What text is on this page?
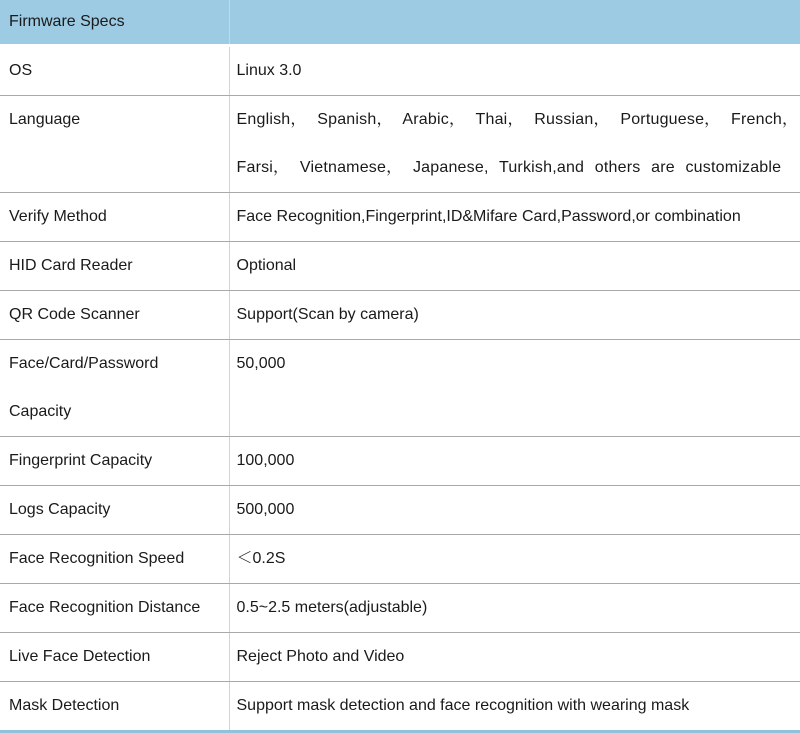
Firmware Specs	

OS	Linux 3.0

Language	English， Spanish， Arabic， Thai， Russian， Portuguese， French，
Farsi， Vietnamese， Japanese, Turkish,and others are customizable

Verify Method	Face Recognition,Fingerprint,ID&Mifare Card,Password,or combination

HID Card Reader	Optional

QR Code Scanner	Support(Scan by camera)

Face/Card/Password
Capacity	50,000

Fingerprint Capacity	100,000

Logs Capacity	500,000

Face Recognition Speed	＜0.2S

Face Recognition Distance	0.5~2.5 meters(adjustable)

Live Face Detection	Reject Photo and Video

Mask Detection	Support mask detection and face recognition with wearing mask
